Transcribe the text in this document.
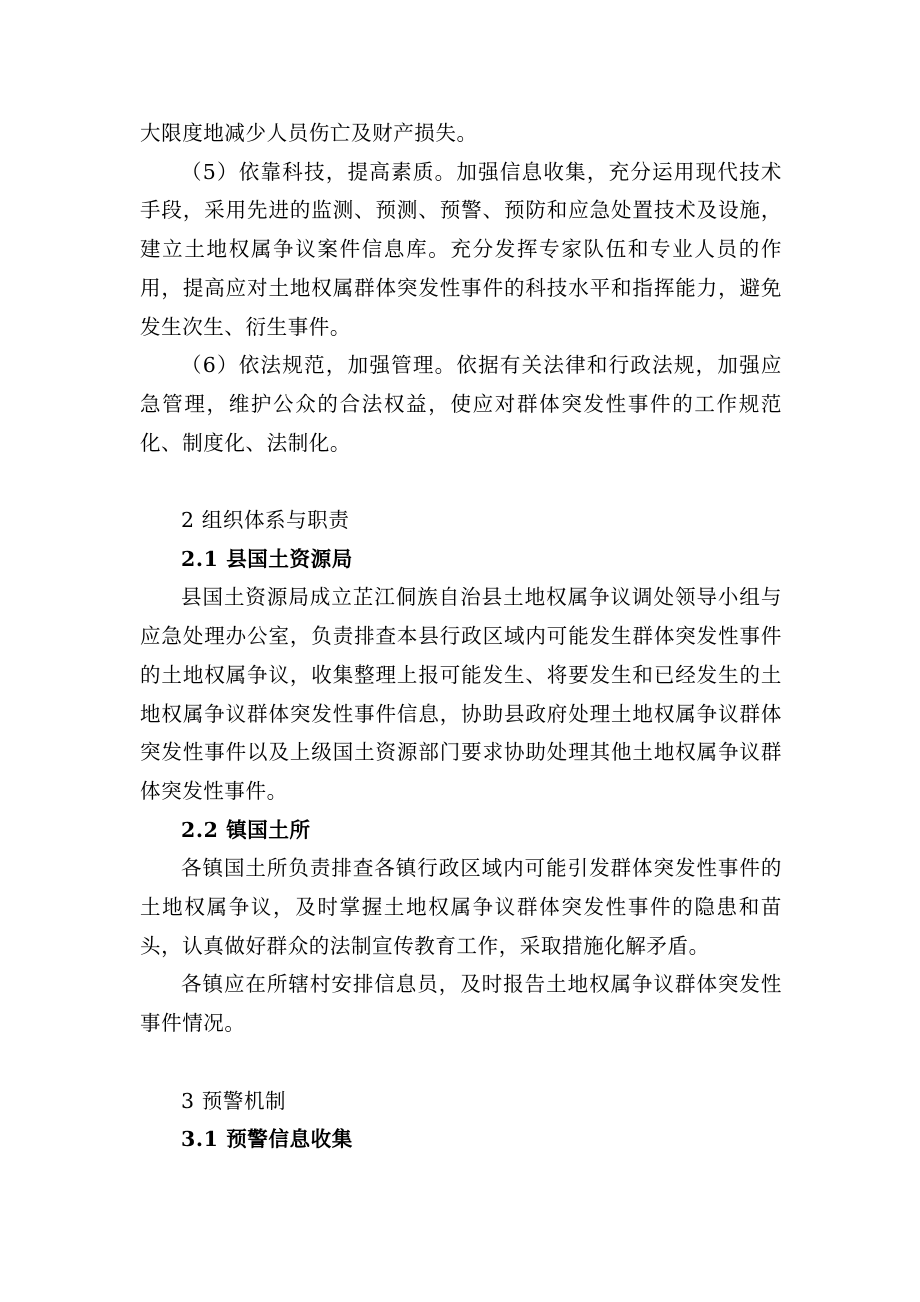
大限度地减少人员伤亡及财产损失。

（5）依靠科技，提高素质。加强信息收集，充分运用现代技术手段，采用先进的监测、预测、预警、预防和应急处置技术及设施，建立土地权属争议案件信息库。充分发挥专家队伍和专业人员的作用，提高应对土地权属群体突发性事件的科技水平和指挥能力，避免发生次生、衍生事件。

（6）依法规范，加强管理。依据有关法律和行政法规，加强应急管理，维护公众的合法权益，使应对群体突发性事件的工作规范化、制度化、法制化。

2 组织体系与职责

2.1 县国土资源局

县国土资源局成立芷江侗族自治县土地权属争议调处领导小组与应急处理办公室，负责排查本县行政区域内可能发生群体突发性事件的土地权属争议，收集整理上报可能发生、将要发生和已经发生的土地权属争议群体突发性事件信息，协助县政府处理土地权属争议群体突发性事件以及上级国土资源部门要求协助处理其他土地权属争议群体突发性事件。

2.2 镇国土所

各镇国土所负责排查各镇行政区域内可能引发群体突发性事件的土地权属争议，及时掌握土地权属争议群体突发性事件的隐患和苗头，认真做好群众的法制宣传教育工作，采取措施化解矛盾。

各镇应在所辖村安排信息员，及时报告土地权属争议群体突发性事件情况。

3 预警机制

3.1 预警信息收集
